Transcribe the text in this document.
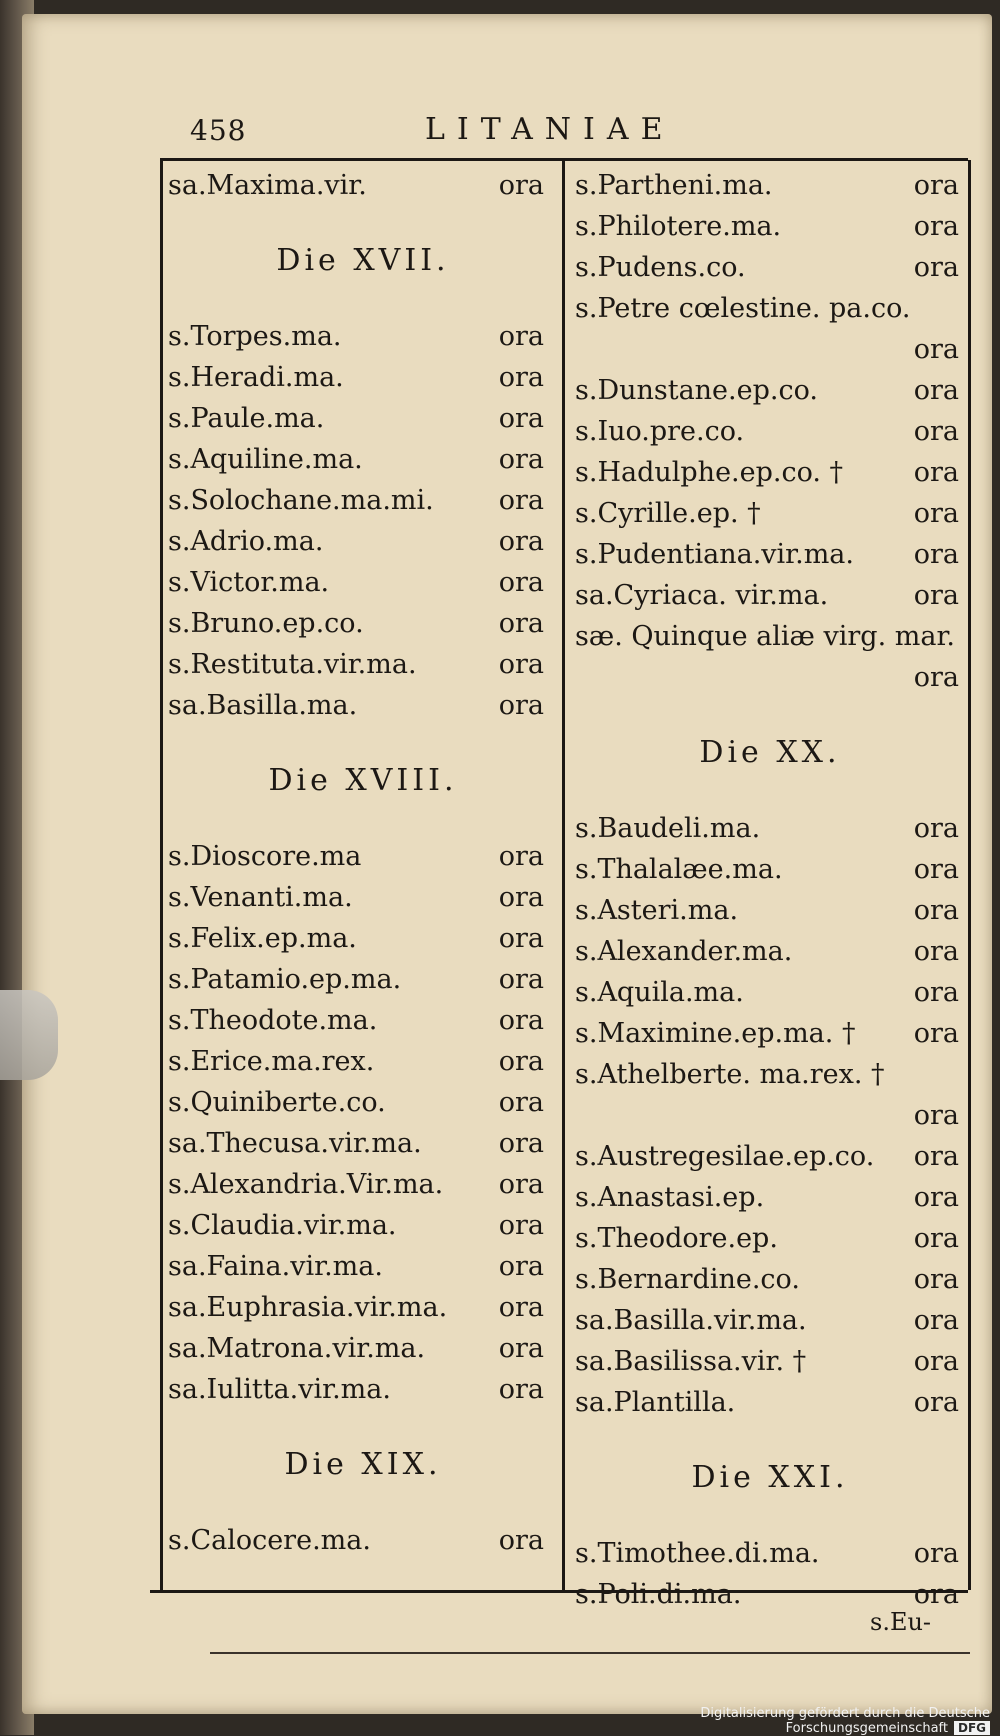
458	LITANIAE
sa.Maxima.vir.	ora
Die XVII.
s.Torpes.ma.	ora
s.Heradi.ma.	ora
s.Paule.ma.	ora
s.Aquiline.ma.	ora
s.Solochane.ma.mi. ora
s.Adrio.ma.	ora
s.Victor.ma.	ora
s.Bruno.ep.co.	ora
s.Restituta.vir.ma.	ora
sa.Basilla.ma.	ora
Die XVIII.
s.Dioscore.ma	ora
s.Venanti.ma.	ora
s.Felix.ep.ma.	ora
s.Patamio.ep.ma.	ora
s.Theodote.ma.	ora
s.Erice.ma.rex.	ora
s.Quiniberte.co.	ora
sa.Thecusa.vir.ma.	ora
s.Alexandria.Vir.ma. ora
s.Claudia.vir.ma.	ora
sa.Faina.vir.ma.	ora
sa.Euphrasia.vir.ma. ora
sa.Matrona.vir.ma.	ora
sa.Iulitta.vir.ma.	ora
Die XIX.
s.Calocere.ma.	ora
s.Partheni.ma.	ora
s.Philotere.ma.	ora
s.Pudens.co.	ora
s.Petre cœlestine. pa.co.
ora
s.Dunstane.ep.co.	ora
s.Iuo.pre.co.	ora
s.Hadulphe.ep.co. †	ora
s.Cyrille.ep. †	ora
s.Pudentiana.vir.ma. ora
sa.Cyriaca. vir.ma.	ora
sæ. Quinque aliæ virg. mar.
ora
Die XX.
s.Baudeli.ma.	ora
s.Thalalæe.ma.	ora
s.Asteri.ma.	ora
s.Alexander.ma.	ora
s.Aquila.ma.	ora
s.Maximine.ep.ma. † ora
s.Athelberte. ma.rex. †
ora
s.Austregesilae.ep.co. ora
s.Anastasi.ep.	ora
s.Theodore.ep.	ora
s.Bernardine.co.	ora
sa.Basilla.vir.ma.	ora
sa.Basilissa.vir. †	ora
sa.Plantilla.	ora
Die XXI.
s.Timothee.di.ma.	ora
s.Poli.di.ma.	ora
s.Eu-
Digitalisierung gefördert durch die Deutsche Forschungsgemeinschaft DFG
